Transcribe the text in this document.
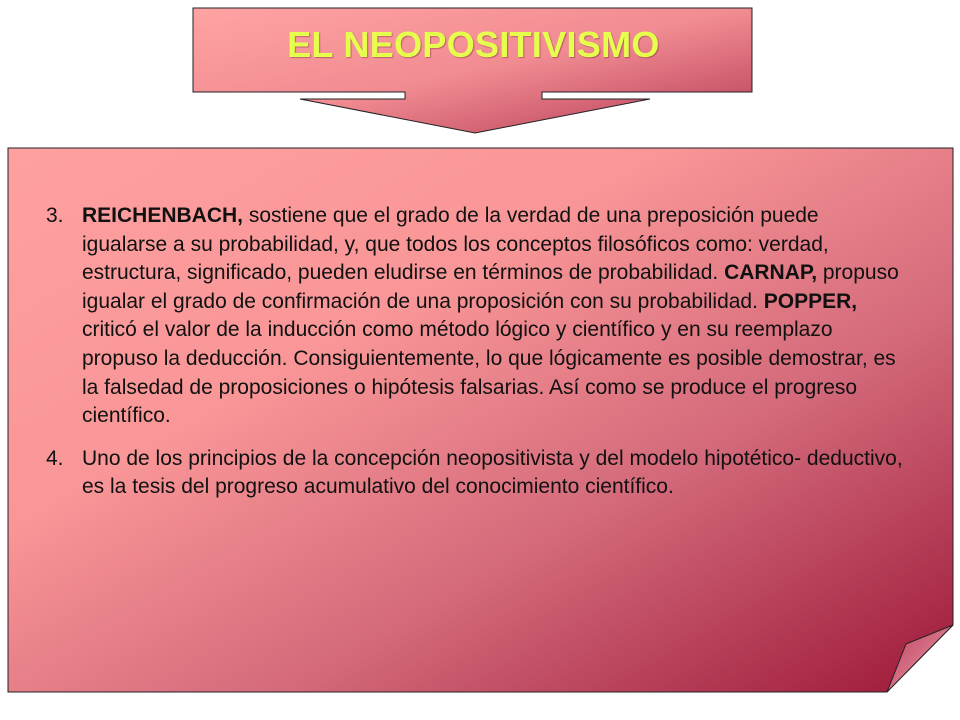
EL NEOPOSITIVISMO
3. REICHENBACH, sostiene que el grado de la verdad de una preposición puede igualarse a su probabilidad, y, que todos los conceptos filosóficos como: verdad, estructura, significado, pueden eludirse en términos de probabilidad. CARNAP, propuso igualar el grado de confirmación de una proposición con su probabilidad. POPPER, criticó el valor de la inducción como método lógico y científico y en su reemplazo propuso la deducción. Consiguientemente, lo que lógicamente es posible demostrar, es la falsedad de proposiciones o hipótesis falsarias. Así como se produce el progreso científico.
4. Uno de los principios de la concepción neopositivista y del modelo hipotético- deductivo, es la tesis del progreso acumulativo del conocimiento científico.
